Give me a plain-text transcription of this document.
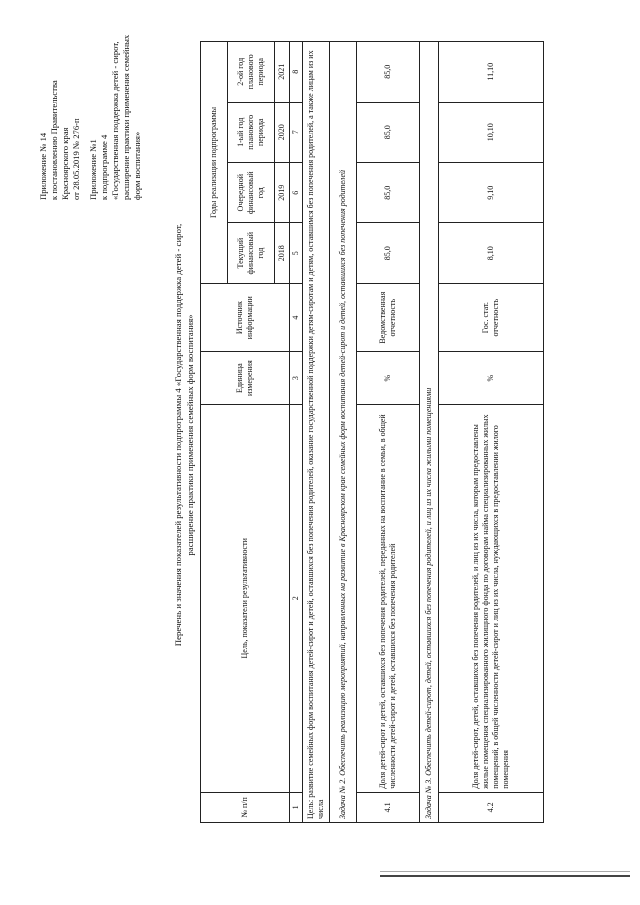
Приложение № 14 к постановлению Правительства Красноярского края от 28.05.2019 № 276-п Приложение №1 к подпрограмме 4 «Государственная поддержка детей - сирот, расширение практики применения семейных форм воспитания»
Перечень и значения показателей результативности подпрограммы 4 «Государственная поддержка детей - сирот, расширение практики применения семейных форм воспитания»
№ п/п	Цель, показатели результативности	Единица измерения	Источник информации	Годы реализации подпрограммы			
				Текущий финансовый год	Очередной финансовый год	1-ый год планового периода	2-ой год планового периода
				2018	2019	2020	2021
1	2	3	4	5	6	7	8
Цель: развитие семейных форм воспитания детей-сирот и детей, оставшихся без попечения родителей, оказание государственной поддержки детям-сиротам и детям, оставшимся без попечения родителей, а также лицам из их числа							
Задача № 2. Обеспечить реализацию мероприятий, направленных на развитие в Красноярском крае семейных форм воспитания детей-сирот и детей, оставшихся без попечения родителей							
4.1	Доля детей-сирот и детей, оставшихся без попечения родителей, переданных на воспитание в семьи, в общей численности детей-сирот и детей, оставшихся без попечения родителей	%	Ведомственная отчетность	85,0	85,0	85,0	85,0
Задача № 3. Обеспечить детей-сирот, детей, оставшихся без попечения родителей, и лиц из их числа жилыми помещениями							
4.2	Доля детей-сирот, детей, оставшихся без попечения родителей, и лиц из их числа, которым предоставлены жилые помещения специализированного жилищного фонда по договорам найма специализированных жилых помещений, в общей численности детей-сирот и лиц из их числа, нуждающихся в предоставлении жилого помещения	%	Гос. стат. отчетность	8,10	9,10	10,10	11,10
